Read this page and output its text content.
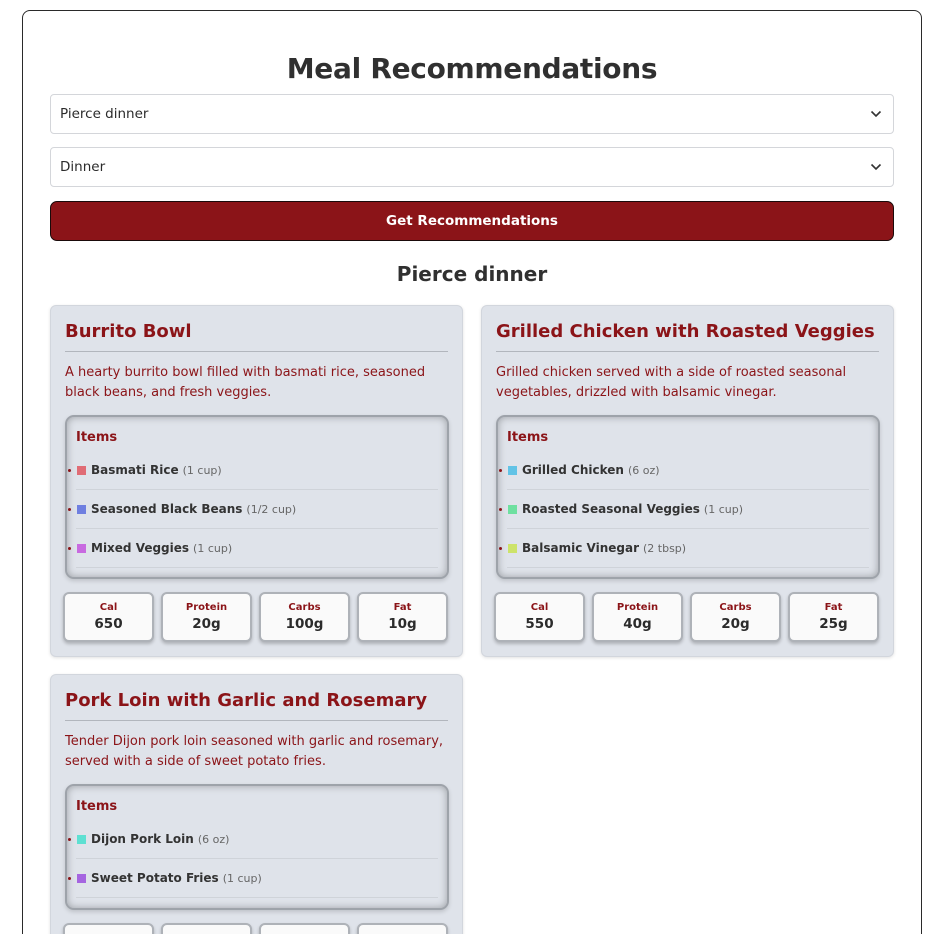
Meal Recommendations
Pierce dinner
Dinner
Get Recommendations
Pierce dinner
Burrito Bowl
A hearty burrito bowl filled with basmati rice, seasoned black beans, and fresh veggies.
Items
Basmati Rice (1 cup)
Seasoned Black Beans (1/2 cup)
Mixed Veggies (1 cup)
Cal
650
Protein
20g
Carbs
100g
Fat
10g
Grilled Chicken with Roasted Veggies
Grilled chicken served with a side of roasted seasonal vegetables, drizzled with balsamic vinegar.
Items
Grilled Chicken (6 oz)
Roasted Seasonal Veggies (1 cup)
Balsamic Vinegar (2 tbsp)
Cal
550
Protein
40g
Carbs
20g
Fat
25g
Pork Loin with Garlic and Rosemary
Tender Dijon pork loin seasoned with garlic and rosemary, served with a side of sweet potato fries.
Items
Dijon Pork Loin (6 oz)
Sweet Potato Fries (1 cup)
